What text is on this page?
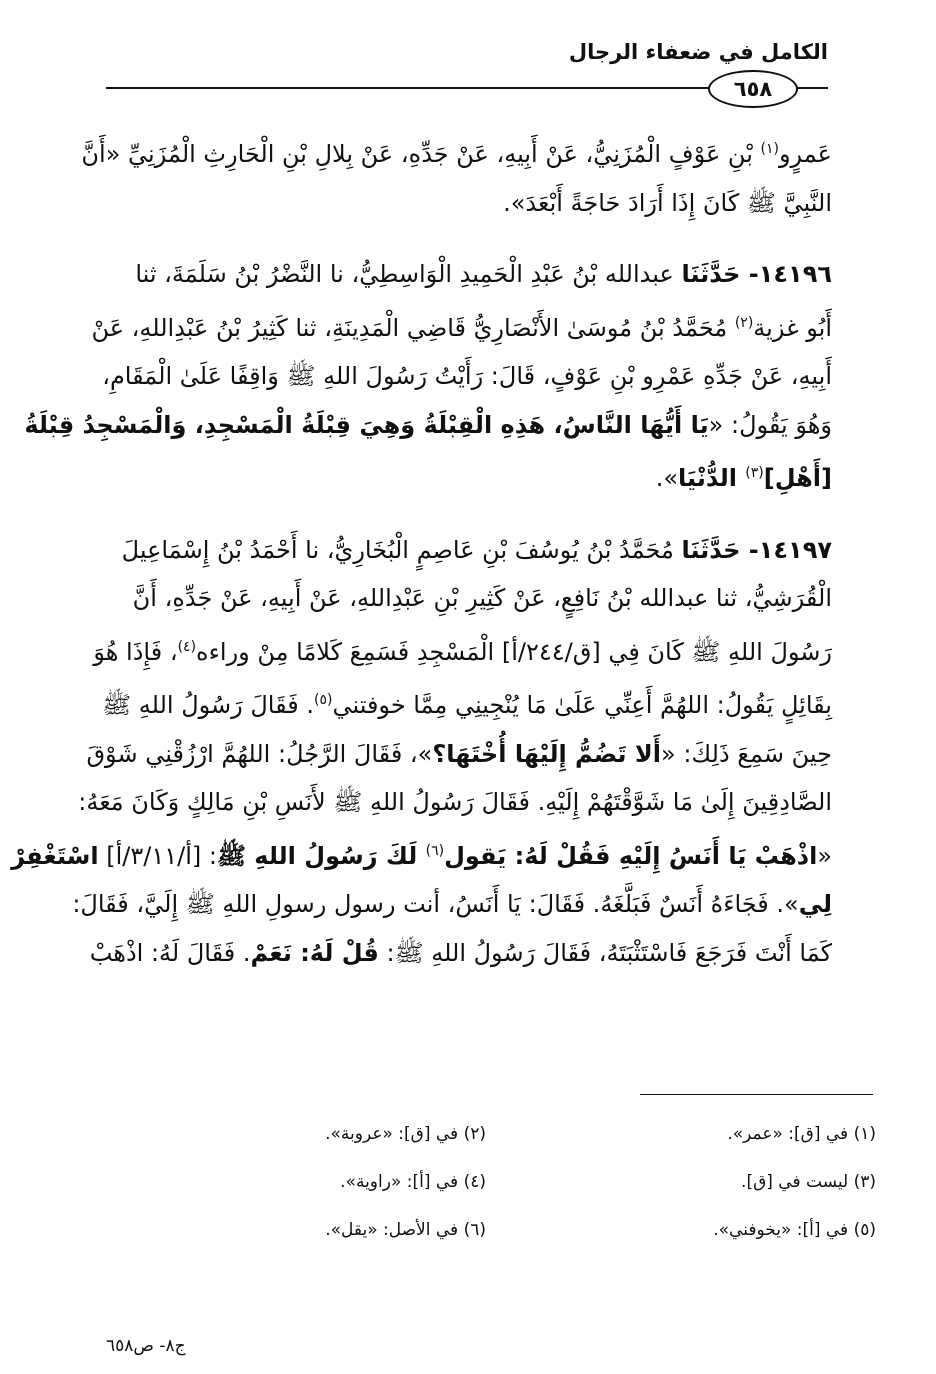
الكامل في ضعفاء الرجال
٦٥٨

عَمرٍو$^{(١)}$ بْنِ عَوْفٍ الْمُزَنِيُّ، عَنْ أَبِيهِ، عَنْ جَدِّهِ، عَنْ بِلالِ بْنِ الْحَارِثِ الْمُزَنِيِّ «أَنَّ
النَّبِيَّ ﷺ كَانَ إِذَا أَرَادَ حَاجَةً أَبْعَدَ».

١٤١٩٦- حَدَّثَنَا عبدالله بْنُ عَبْدِ الْحَمِيدِ الْوَاسِطِيُّ، نا النَّضْرُ بْنُ سَلَمَةَ، ثنا
أَبُو غزية$^{(٢)}$ مُحَمَّدُ بْنُ مُوسَىٰ الأَنْصَارِيُّ قَاضِي الْمَدِينَةِ، ثنا كَثِيرُ بْنُ عَبْدِاللهِ، عَنْ
أَبِيهِ، عَنْ جَدِّهِ عَمْرِو بْنِ عَوْفٍ، قَالَ: رَأَيْتُ رَسُولَ اللهِ ﷺ وَاقِفًا عَلَىٰ الْمَقَامِ،
وَهُوَ يَقُولُ: «يَا أَيُّهَا النَّاسُ، هَذِهِ الْقِبْلَةُ وَهِيَ قِبْلَةُ الْمَسْجِدِ، وَالْمَسْجِدُ قِبْلَةُ
[أَهْلِ]$^{(٣)}$ الدُّنْيَا».

١٤١٩٧- حَدَّثَنَا مُحَمَّدُ بْنُ يُوسُفَ بْنِ عَاصِمٍ الْبُخَارِيُّ، نا أَحْمَدُ بْنُ إِسْمَاعِيلَ
الْقُرَشِيُّ، ثنا عبدالله بْنُ نَافِعٍ، عَنْ كَثِيرِ بْنِ عَبْدِاللهِ، عَنْ أَبِيهِ، عَنْ جَدِّهِ، أَنَّ
رَسُولَ اللهِ ﷺ كَانَ فِي [ق/٢٤٤/أ] الْمَسْجِدِ فَسَمِعَ كَلامًا مِنْ وراءه$^{(٤)}$، فَإِذَا هُوَ
بِقَائِلٍ يَقُولُ: اللهُمَّ أَعِنِّي عَلَىٰ مَا يُنْجِينِي مِمَّا خوفتني$^{(٥)}$. فَقَالَ رَسُولُ اللهِ ﷺ
حِينَ سَمِعَ ذَلِكَ: «أَلا تَضُمُّ إِلَيْهَا أُخْتَهَا؟»، فَقَالَ الرَّجُلُ: اللهُمَّ ارْزُقْنِي شَوْقَ
الصَّادِقِينَ إِلَىٰ مَا شَوَّقْتَهُمْ إِلَيْهِ. فَقَالَ رَسُولُ اللهِ ﷺ لأَنَسِ بْنِ مَالِكٍ وَكَانَ مَعَهُ:
«اذْهَبْ يَا أَنَسُ إِلَيْهِ فَقُلْ لَهُ: يَقول$^{(٦)}$ لَكَ رَسُولُ اللهِ ﷺ: [أ/٣/١١/أ] اسْتَغْفِرْ
لِي». فَجَاءَهُ أَنَسٌ فَبَلَّغَهُ. فَقَالَ: يَا أَنَسُ، أنت رسول رسولِ اللهِ ﷺ إِلَيَّ، فَقَالَ:
كَمَا أَنْتَ فَرَجَعَ فَاسْتَثْبَتَهُ، فَقَالَ رَسُولُ اللهِ ﷺ: قُلْ لَهُ: نَعَمْ. فَقَالَ لَهُ: اذْهَبْ

(١) في [ق]: «عمر».
(٢) في [ق]: «عروبة».
(٣) ليست في [ق].
(٤) في [أ]: «راوية».
(٥) في [أ]: «يخوفني».
(٦) في الأصل: «يقل».
ج٨- ص٦٥٨
